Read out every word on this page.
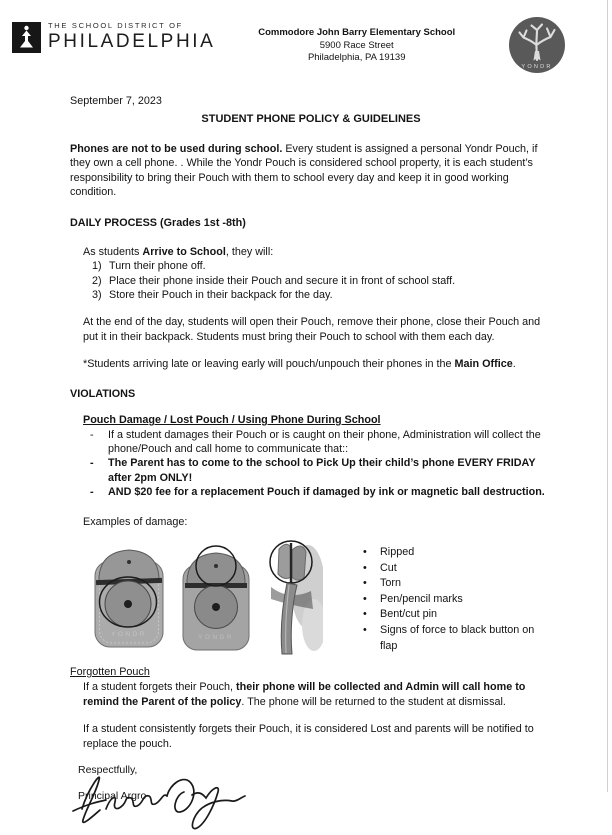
THE SCHOOL DISTRICT OF
PHILADELPHIA	Commodore John Barry Elementary School
5900 Race Street
Philadelphia, PA 19139
YONDR
September 7, 2023
STUDENT PHONE POLICY & GUIDELINES

Phones are not to be used during school. Every student is assigned a personal Yondr Pouch, if they own a cell phone. . While the Yondr Pouch is considered school property, it is each student’s responsibility to bring their Pouch with them to school every day and keep it in good working condition.

DAILY PROCESS (Grades 1st -8th)

As students Arrive to School, they will:

1) Turn their phone off.
2) Place their phone inside their Pouch and secure it in front of school staff.
3) Store their Pouch in their backpack for the day.

At the end of the day, students will open their Pouch, remove their phone, close their Pouch and put it in their backpack. Students must bring their Pouch to school with them each day.

*Students arriving late or leaving early will pouch/unpouch their phones in the Main Office.

VIOLATIONS
Pouch Damage / Lost Pouch / Using Phone During School
-	If a student damages their Pouch or is caught on their phone, Administration will collect the phone/Pouch and call home to communicate that::
-	The Parent has to come to the school to Pick Up their child’s phone EVERY FRIDAY after 2pm ONLY!
-	AND $20 fee for a replacement Pouch if damaged by ink or magnetic ball destruction.

Examples of damage:

YONDR	YONDR
•	Ripped
•	Cut
•	Torn
•	Pen/pencil marks
•	Bent/cut pin
•	Signs of force to black button on flap
Forgotten Pouch

If a student forgets their Pouch, their phone will be collected and Admin will call home to remind the Parent of the policy. The phone will be returned to the student at dismissal.

If a student consistently forgets their Pouch, it is considered Lost and parents will be notified to replace the pouch.

Respectfully,
Principal Argro
